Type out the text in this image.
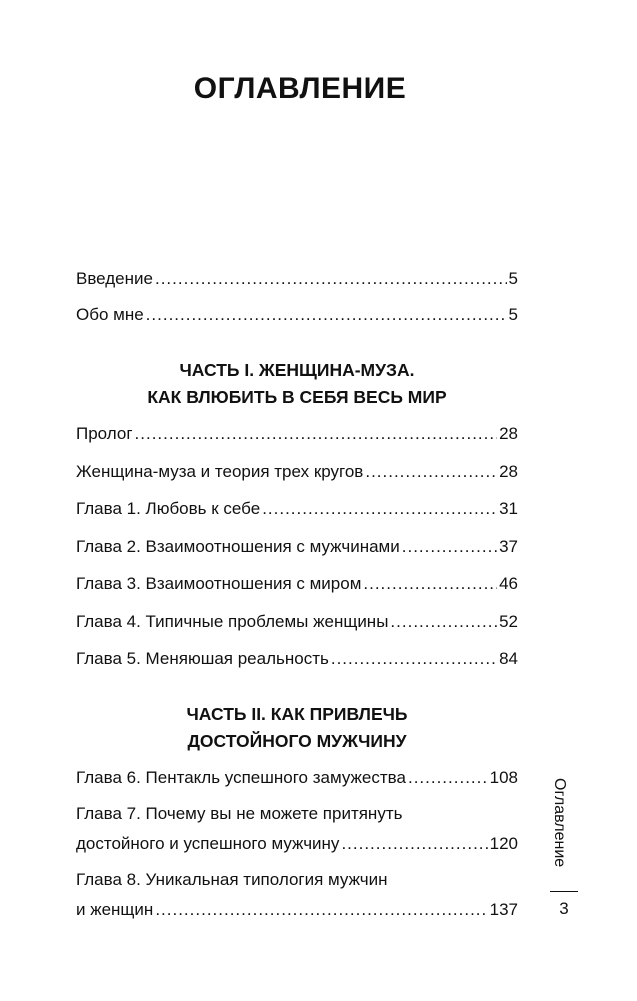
ОГЛАВЛЕНИЕ
Введение .....	5
Обо мне .....	5
ЧАСТЬ I. ЖЕНЩИНА-МУЗА.
КАК ВЛЮБИТЬ В СЕБЯ ВЕСЬ МИР
Пролог .....	28
Женщина-муза и теория трех кругов .....	28
Глава 1. Любовь к себе .....	31
Глава 2. Взаимоотношения с мужчинами .....	37
Глава 3. Взаимоотношения с миром .....	46
Глава 4. Типичные проблемы женщины .....	52
Глава 5. Меняюшая реальность .....	84
ЧАСТЬ II. КАК ПРИВЛЕЧЬ
ДОСТОЙНОГО МУЖЧИНУ
Глава 6. Пентакль успешного замужества .....	108
Глава 7. Почему вы не можете притянуть
достойного и успешного мужчину .....	120
Глава 8. Уникальная типология мужчин
и женщин .....	137
Оглавление
3
